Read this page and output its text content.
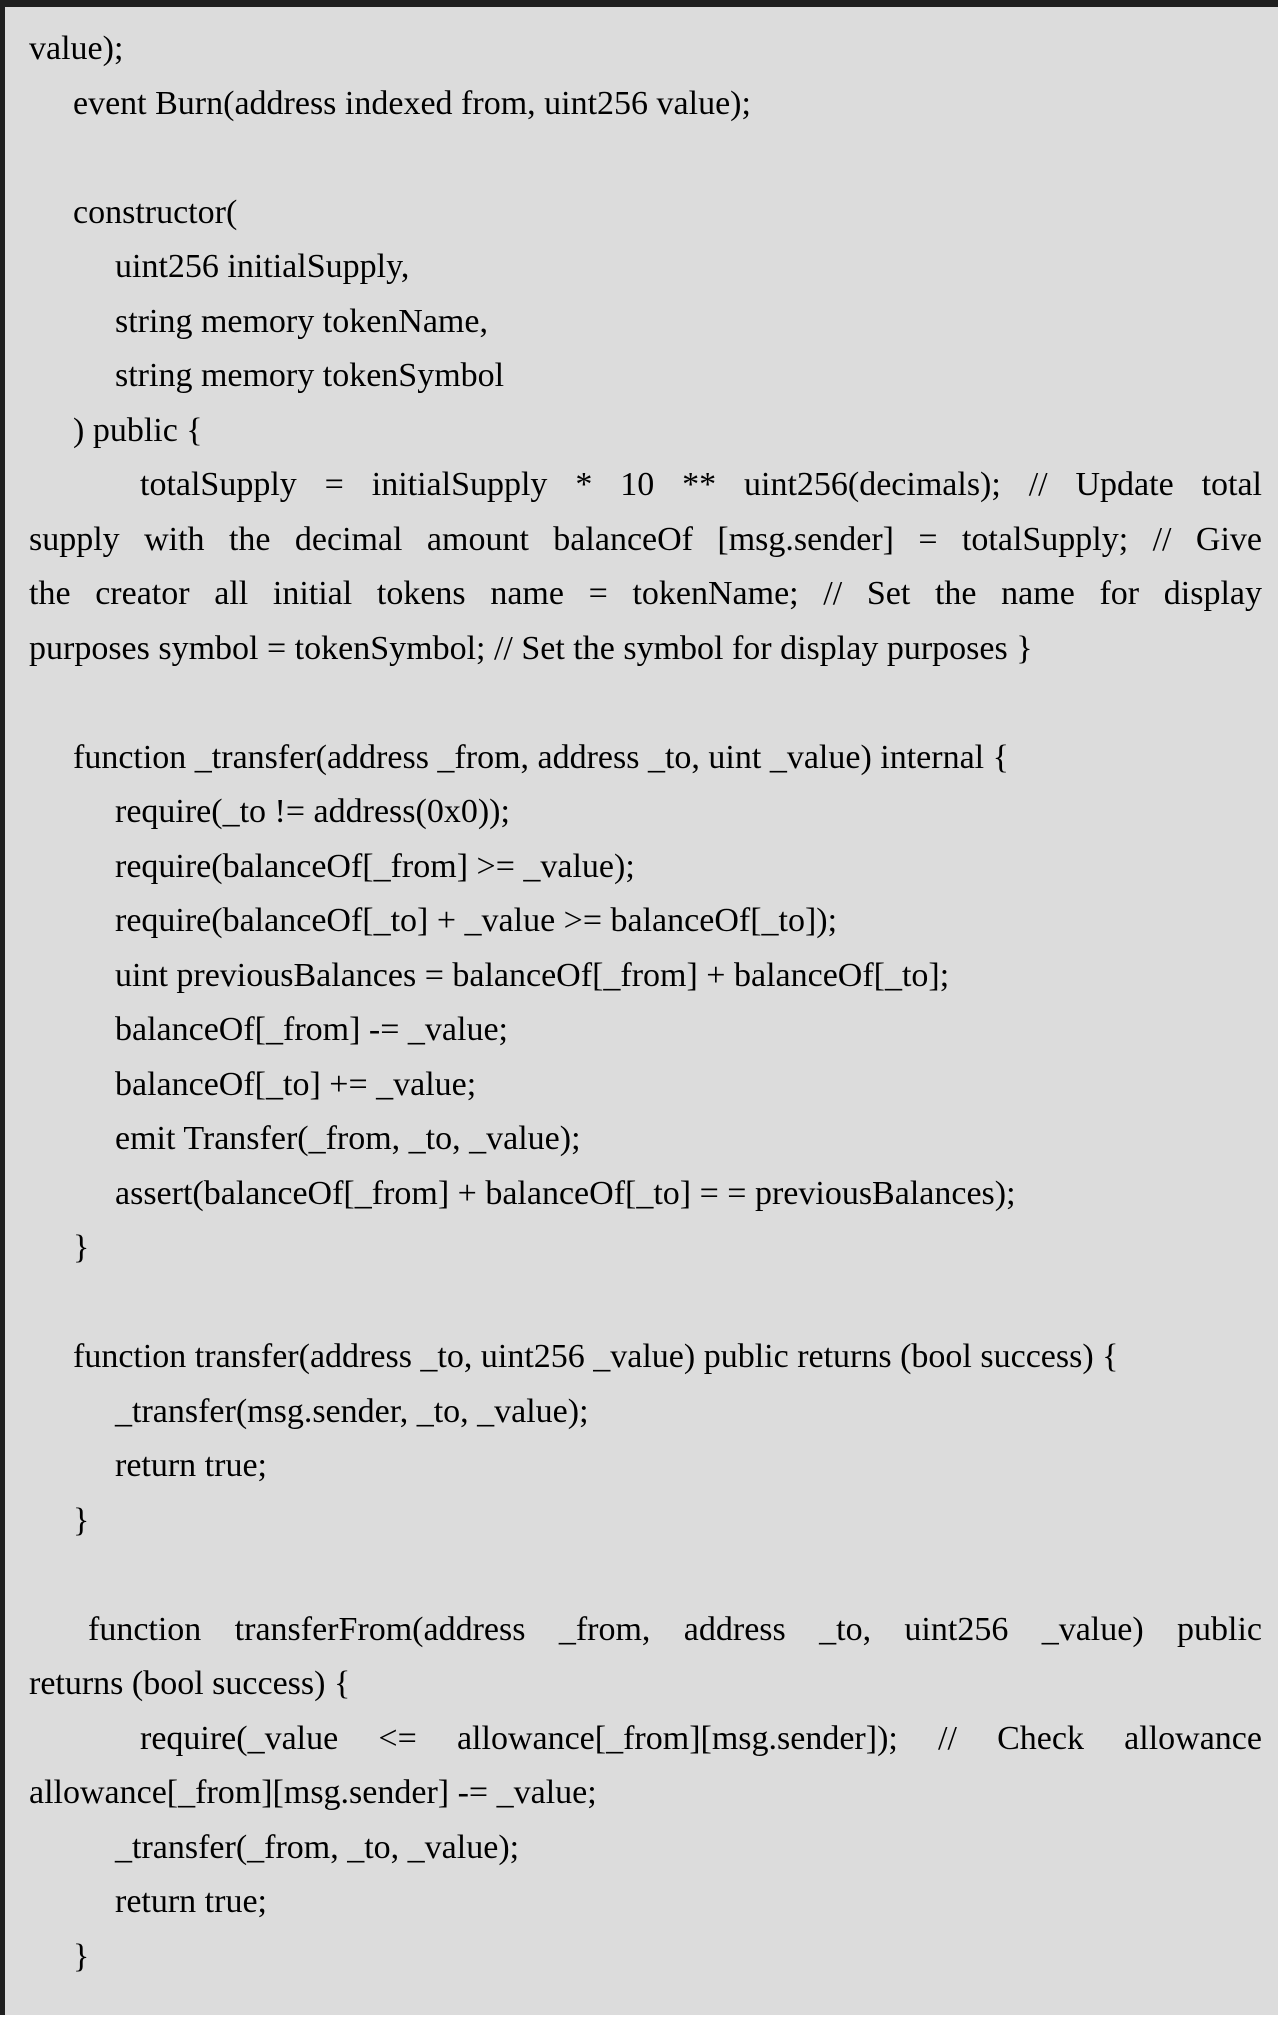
value);
event Burn(address indexed from, uint256 value);
constructor(
uint256 initialSupply,
string memory tokenName,
string memory tokenSymbol
) public {
totalSupply = initialSupply * 10 ** uint256(decimals); // Update total
supply with the decimal amount balanceOf [msg.sender] = totalSupply; // Give
the creator all initial tokens name = tokenName; // Set the name for display
purposes symbol = tokenSymbol; // Set the symbol for display purposes }
function _transfer(address _from, address _to, uint _value) internal {
require(_to != address(0x0));
require(balanceOf[_from] >= _value);
require(balanceOf[_to] + _value >= balanceOf[_to]);
uint previousBalances = balanceOf[_from] + balanceOf[_to];
balanceOf[_from] -= _value;
balanceOf[_to] += _value;
emit Transfer(_from, _to, _value);
assert(balanceOf[_from] + balanceOf[_to] = = previousBalances);
}
function transfer(address _to, uint256 _value) public returns (bool success) {
_transfer(msg.sender, _to, _value);
return true;
}
function transferFrom(address _from, address _to, uint256 _value) public
returns (bool success) {
require(_value <= allowance[_from][msg.sender]); // Check allowance
allowance[_from][msg.sender] -= _value;
_transfer(_from, _to, _value);
return true;
}
